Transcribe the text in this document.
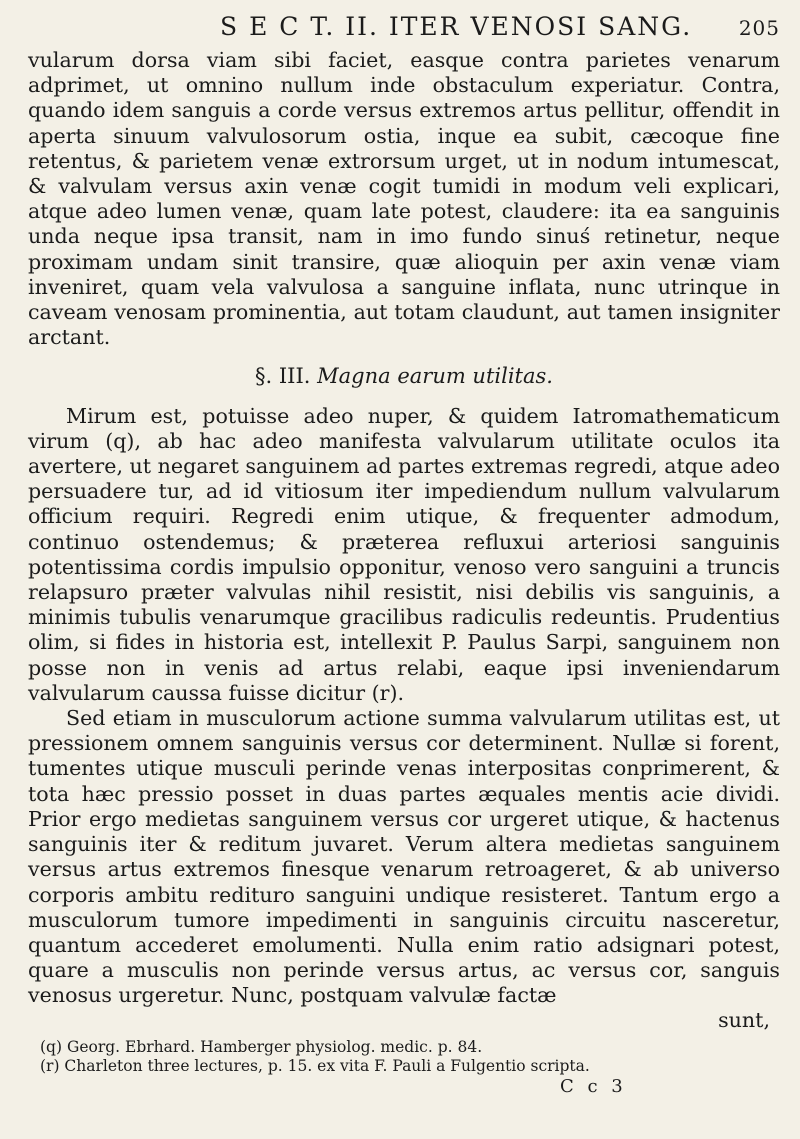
S E C T. II. ITER VENOSI SANG.	205

vularum dorsa viam sibi faciet, easque contra parietes venarum adprimet, ut omnino nullum inde obstaculum experiatur. Contra, quando idem sanguis a corde versus extremos artus pellitur, offendit in aperta sinuum valvulosorum ostia, inque ea subit, cæcoque fine retentus, & parietem venæ extrorsum urget, ut in nodum intumescat, & valvulam versus axin venæ cogit tumidi in modum veli explicari, atque adeo lumen venæ, quam late potest, claudere: ita ea sanguinis unda neque ipsa transit, nam in imo fundo sinuś retinetur, neque proximam undam sinit transire, quæ alioquin per axin venæ viam inveniret, quam vela valvulosa a sanguine inflata, nunc utrinque in caveam venosam prominentia, aut totam claudunt, aut tamen insigniter arctant.

§. III. Magna earum utilitas.

Mirum est, potuisse adeo nuper, & quidem Iatromathematicum virum (q), ab hac adeo manifesta valvularum utilitate oculos ita avertere, ut negaret sanguinem ad partes extremas regredi, atque adeo persuadere tur, ad id vitiosum iter impediendum nullum valvularum officium requiri. Regredi enim utique, & frequenter admodum, continuo ostendemus; & præterea refluxui arteriosi sanguinis potentissima cordis impulsio opponitur, venoso vero sanguini a truncis relapsuro præter valvulas nihil resistit, nisi debilis vis sanguinis, a minimis tubulis venarumque gracilibus radiculis redeuntis. Prudentius olim, si fides in historia est, intellexit P. Paulus Sarpi, sanguinem non posse non in venis ad artus relabi, eaque ipsi inveniendarum valvularum caussa fuisse dicitur (r).

Sed etiam in musculorum actione summa valvularum utilitas est, ut pressionem omnem sanguinis versus cor determinent. Nullæ si forent, tumentes utique musculi perinde venas interpositas conprimerent, & tota hæc pressio posset in duas partes æquales mentis acie dividi. Prior ergo medietas sanguinem versus cor urgeret utique, & hactenus sanguinis iter & reditum juvaret. Verum altera medietas sanguinem versus artus extremos finesque venarum retroageret, & ab universo corporis ambitu redituro sanguini undique resisteret. Tantum ergo a musculorum tumore impedimenti in sanguinis circuitu nasceretur, quantum accederet emolumenti. Nulla enim ratio adsignari potest, quare a musculis non perinde versus artus, ac versus cor, sanguis venosus urgeretur. Nunc, postquam valvulæ factæ

sunt,

(q) Georg. Ebrhard. Hamberger physiolog. medic. p. 84.

(r) Charleton three lectures, p. 15. ex vita F. Pauli a Fulgentio scripta.

C c 3
